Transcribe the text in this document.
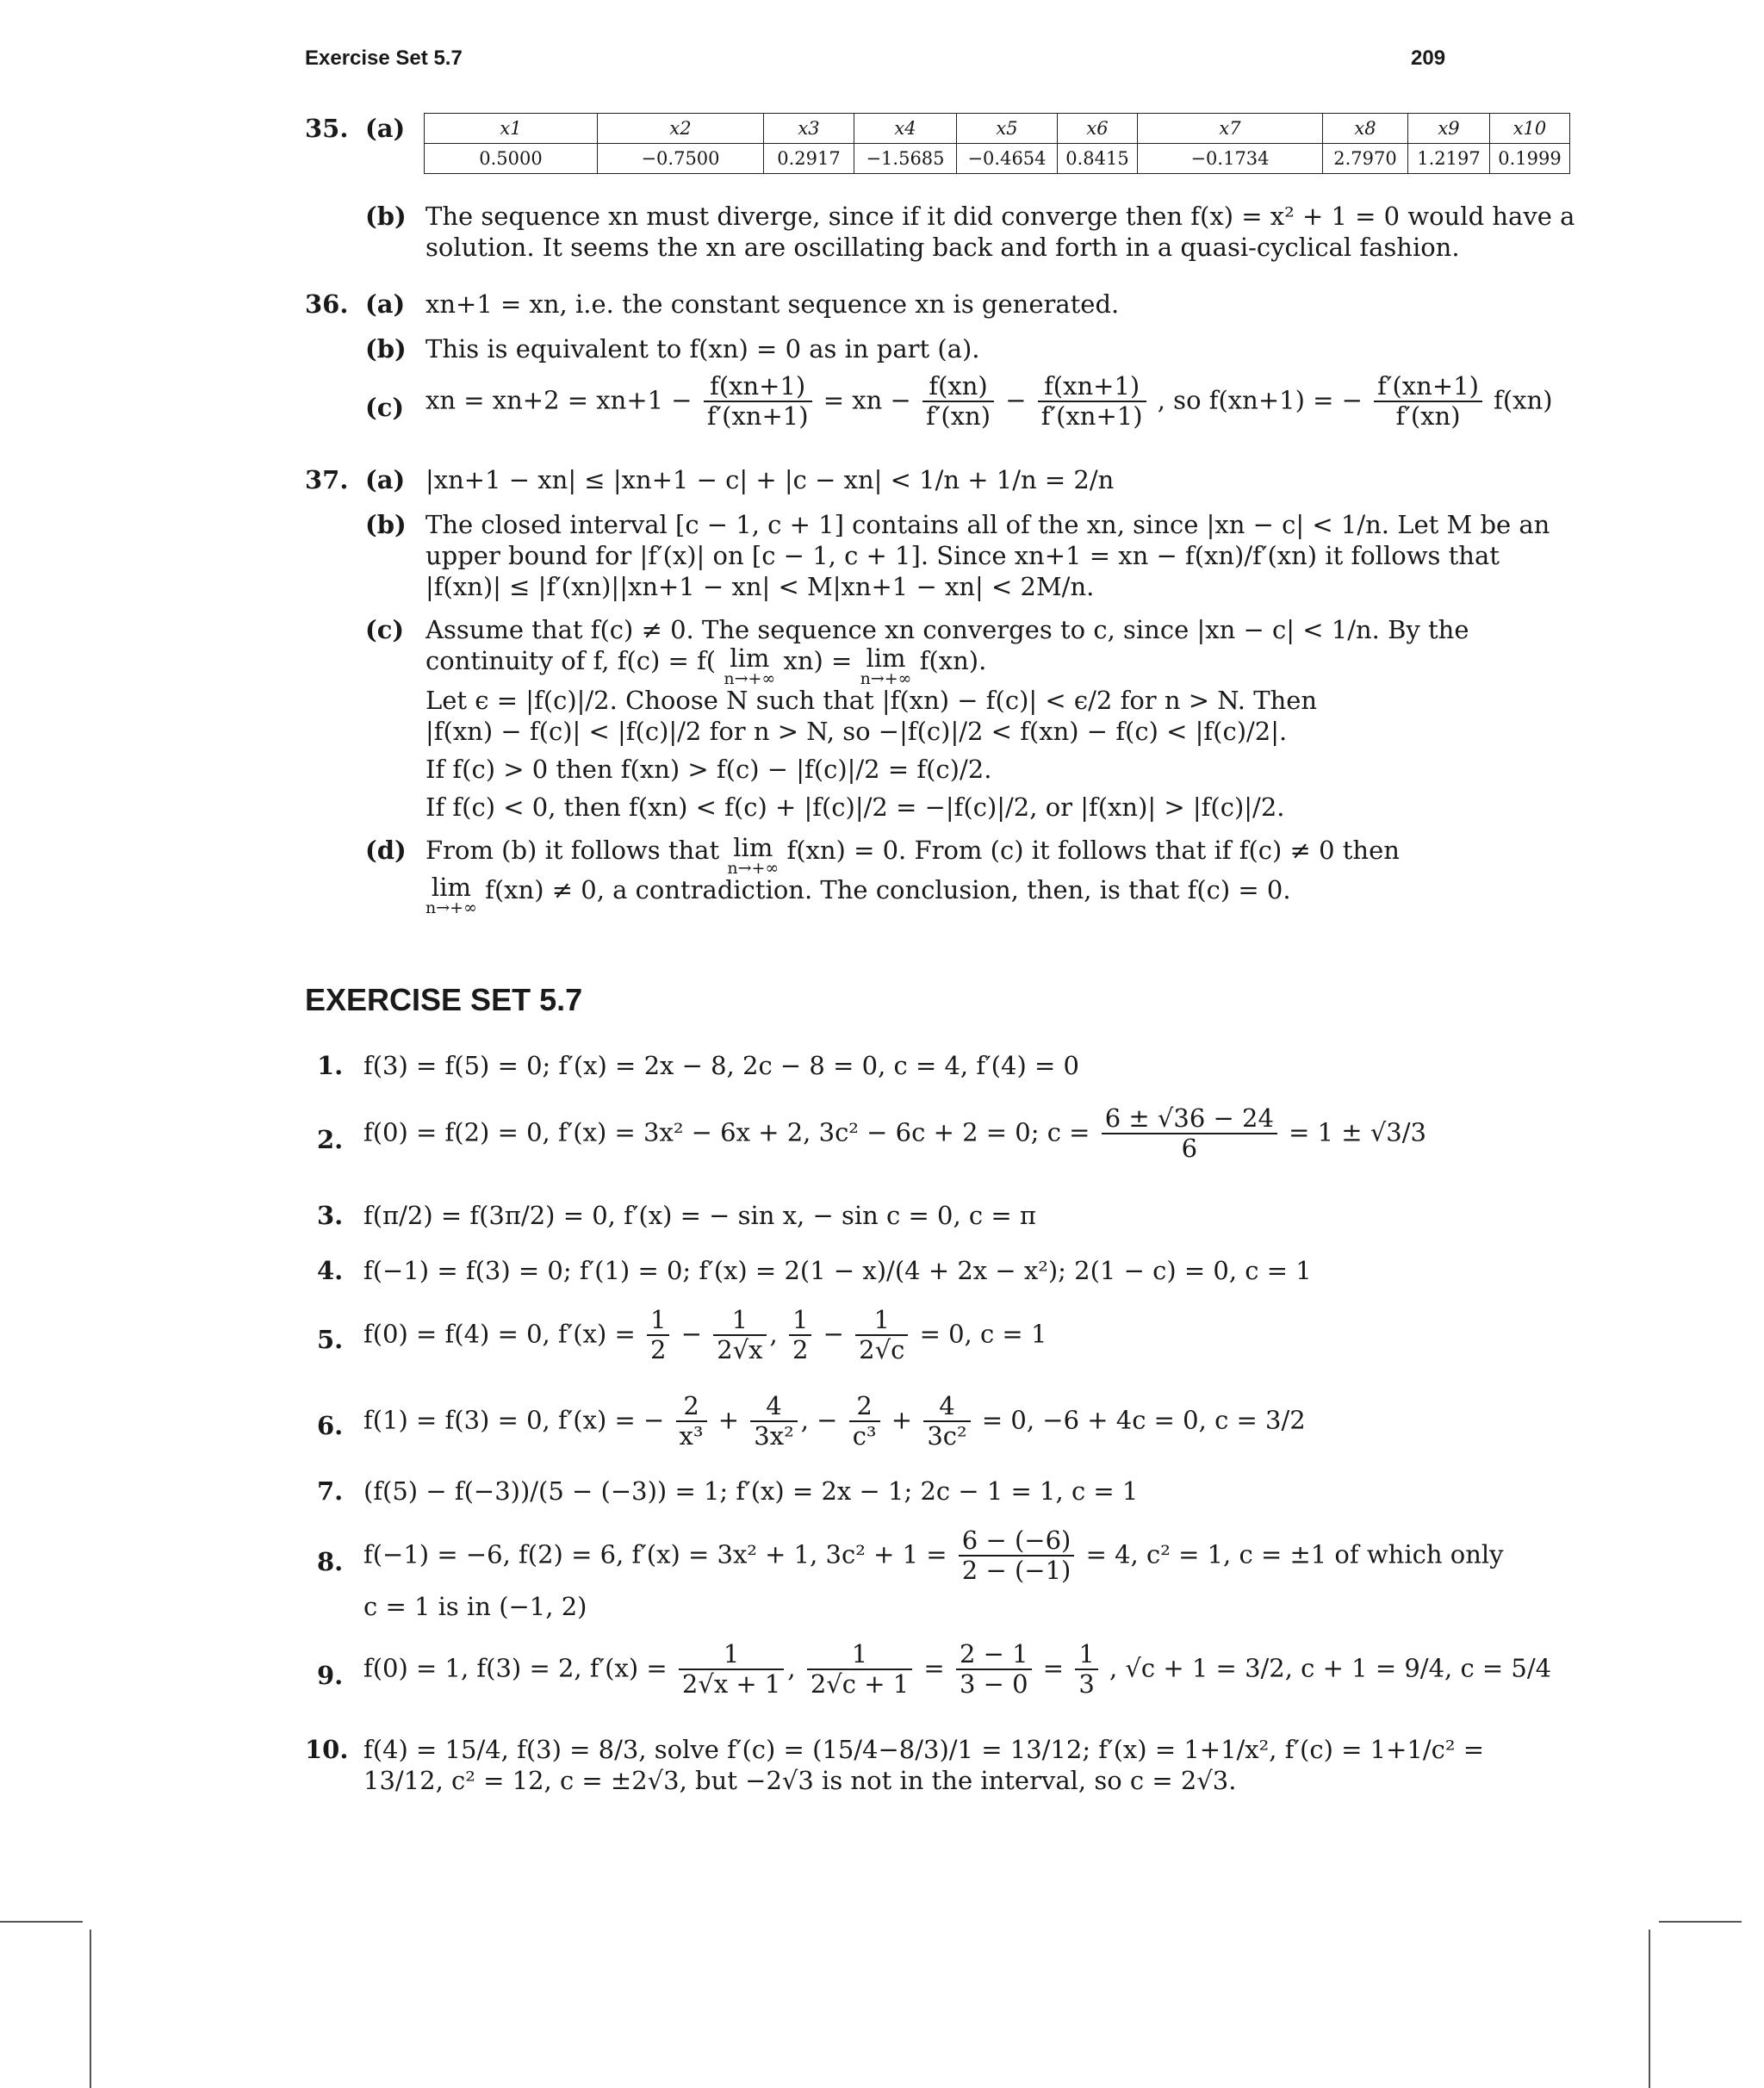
Exercise Set 5.7	209
35. (a)	x1	x2	x3	x4	x5	x6	x7	x8	x9	x10
0.5000	−0.7500	0.2917	−1.5685	−0.4654	0.8415	−0.1734	2.7970	1.2197	0.1999
(b) The sequence xn must diverge, since if it did converge then f(x) = x² + 1 = 0 would have a
solution. It seems the xn are oscillating back and forth in a quasi-cyclical fashion.
36. (a) xn+1 = xn, i.e. the constant sequence xn is generated.
(b) This is equivalent to f(xn) = 0 as in part (a).
(c) xn = $xn+2 = xn+1 - \frac{f(xn+1)}{f'(xn+1)}$ = xn − $\frac{f(xn)}{f'(xn)} - \frac{f(xn+1)}{f'(xn+1)}$ , so f(xn+1) = − $\frac{f'(xn+1)}{f'(xn)} f(xn)$
37. (a) |xn+1 − xn| ≤ |xn+1 − c| + |c − xn| < 1/n + 1/n = 2/n
(b) The closed interval [c − 1, c + 1] contains all of the xn, since |xn − c| < 1/n. Let M be an
upper bound for |f′(x)| on [c − 1, c + 1]. Since xn+1 = xn − f(xn)/f′(xn) it follows that
|f(xn)| ≤ |f′(xn)||xn+1 − xn| < M|xn+1 − xn| < 2M/n.
(c) Assume that f(c) ≠ 0. The sequence xn converges to c, since |xn − c| < 1/n. By the
continuity of f, f(c) = f( lim
n→+∞
xn) = lim
n→+∞
f(xn).
Let ϵ = |f(c)|/2. Choose N such that |f(xn) − f(c)| < ϵ/2 for n > N. Then
|f(xn) − f(c)| < |f(c)|/2 for n > N, so −|f(c)|/2 < f(xn) − f(c) < |f(c)/2|.
If f(c) > 0 then f(xn) > f(c) − |f(c)|/2 = f(c)/2.
If f(c) < 0, then f(xn) < f(c) + |f(c)|/2 = −|f(c)|/2, or |f(xn)| > |f(c)|/2.
(d) From (b) it follows that lim
n→+∞
f(xn) = 0. From (c) it follows that if f(c) ≠ 0 then
lim
n→+∞
f(xn) ≠ 0, a contradiction. The conclusion, then, is that f(c) = 0.
EXERCISE SET 5.7
1. f(3) = f(5) = 0; f′(x) = 2x − 8, 2c − 8 = 0, c = 4, f′(4) = 0
2. f(0) = f(2) = 0, f′(x) = 3x² − 6x + 2, 3c² − 6c + 2 = 0; $c = \frac{6 \pm √36 - 24}{6} = 1 \pm √3/3$
3. f(π/2) = f(3π/2) = 0, f′(x) = − sin x, − sin c = 0, c = π
4. f(−1) = f(3) = 0; f′(1) = 0; f′(x) = 2(1 − x)/(4 + 2x − x²); 2(1 − c) = 0, c = 1
5. f(0) = f(4) = 0, $f'(x) = \frac{1}{2} - \frac{1}{2√x}$ , $\frac{1}{2} - \frac{1}{2√c} = 0$, c = 1
6. f(1) = f(3) = 0, f′(x) = − $\frac{2}{\text{x³}} + \frac{4}{\text{3x²}}$ , − $\frac{2}{\text{c³}} + \frac{4}{\text{3c²}} = 0$, −6 + 4c = 0, c = 3/2
7. (f(5) − f(−3))/(5 − (−3)) = 1; f′(x) = 2x − 1; 2c − 1 = 1, c = 1
8. f(−1) = −6, f(2) = 6, f′(x) = 3x² + 1, $3c^2 + 1 = \frac{6 - (-6)}{2 - (-1)} = 4$, c² = 1, c = ±1 of which only
c = 1 is in (−1, 2)
9. f(0) = 1, f(3) = 2, $f'(x) = \frac{1}{2√x + 1}$ , $\frac{1}{2√c + 1} = \frac{2 - 1}{3 - 0} = \frac{1}{3}$ , √c + 1 = 3/2, c + 1 = 9/4, c = 5/4
10. f(4) = 15/4, f(3) = 8/3, solve f′(c) = (15/4−8/3)/1 = 13/12; f′(x) = 1+1/x², f′(c) = 1+1/c² =
13/12, c² = 12, c = ±2√3, but −2√3 is not in the interval, so c = 2√3.
